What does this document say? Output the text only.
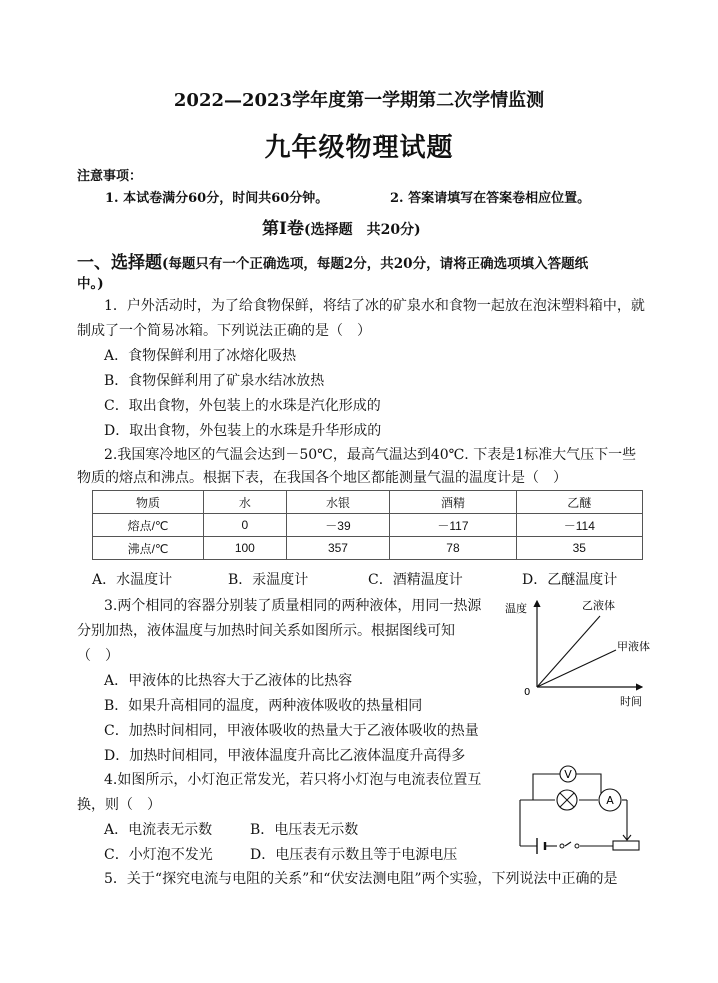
2022—2023学年度第一学期第二次学情监测
九年级物理试题
注意事项：
1. 本试卷满分60分，时间共60分钟。	2. 答案请填写在答案卷相应位置。
第Ⅰ卷(选择题　共20分)
一、选择题(每题只有一个正确选项，每题2分，共20分，请将正确选项填入答题纸
中。)
1．户外活动时，为了给食物保鲜，将结了冰的矿泉水和食物一起放在泡沫塑料箱中，就
制成了一个简易冰箱。下列说法正确的是（　）
A．食物保鲜利用了冰熔化吸热
B．食物保鲜利用了矿泉水结冰放热
C．取出食物，外包装上的水珠是汽化形成的
D．取出食物，外包装上的水珠是升华形成的
2.我国寒冷地区的气温会达到－50℃，最高气温达到40℃. 下表是1标准大气压下一些
物质的熔点和沸点。根据下表，在我国各个地区都能测量气温的温度计是（　）
物质	水	水银	酒精	乙醚
熔点/℃	0	－39	－117	－114
沸点/℃	100	357	78	35
A．水温度计	B．汞温度计	C．酒精温度计	D．乙醚温度计
3.两个相同的容器分别装了质量相同的两种液体，用同一热源
分别加热，液体温度与加热时间关系如图所示。根据图线可知
（　）
A．甲液体的比热容大于乙液体的比热容
B．如果升高相同的温度，两种液体吸收的热量相同
C．加热时间相同，甲液体吸收的热量大于乙液体吸收的热量
D．加热时间相同，甲液体温度升高比乙液体温度升高得多
温度
时间
0
乙液体
甲液体
4.如图所示，小灯泡正常发光，若只将小灯泡与电流表位置互
换，则（　）
A．电流表无示数	B．电压表无示数
C．小灯泡不发光	D．电压表有示数且等于电源电压
V
A
5．关于“探究电流与电阻的关系”和“伏安法测电阻”两个实验，下列说法中正确的是
